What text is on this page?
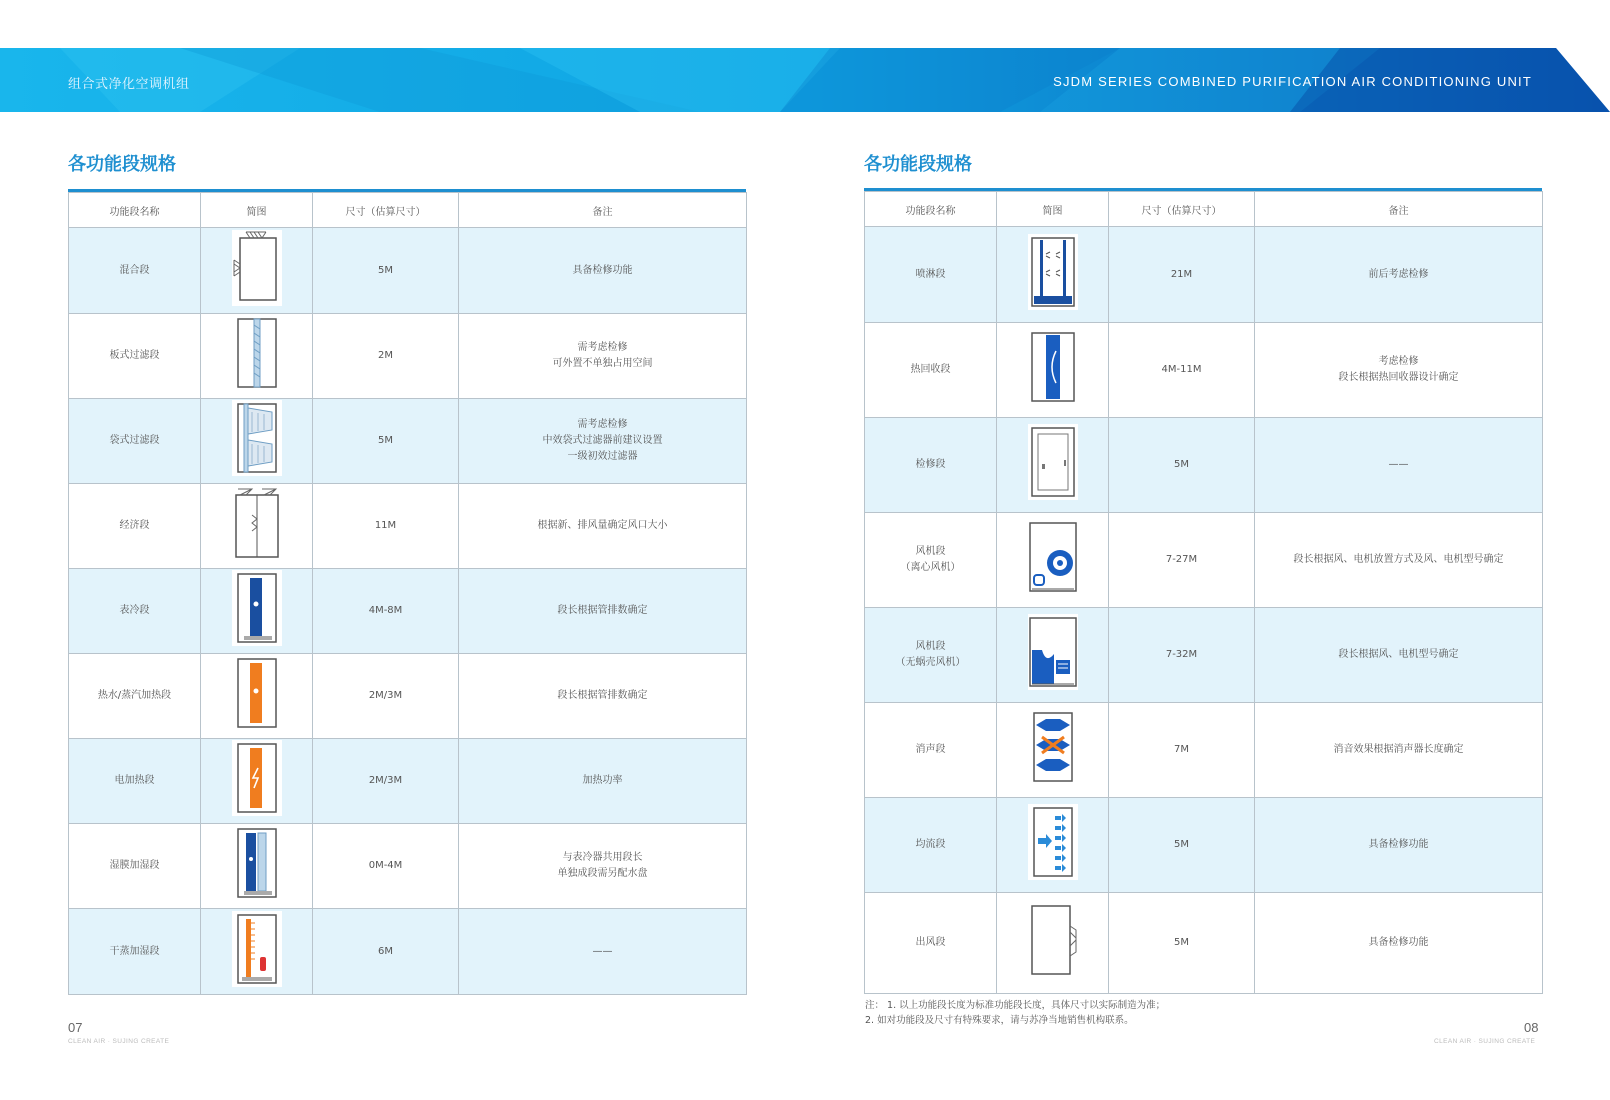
组合式净化空调机组	SJDM SERIES COMBINED PURIFICATION AIR CONDITIONING UNIT
各功能段规格
功能段名称	简图	尺寸（估算尺寸）	备注
混合段		5M	具备检修功能
板式过滤段		2M	需考虑检修
可外置不单独占用空间
袋式过滤段		5M	需考虑检修
中效袋式过滤器前建议设置
一级初效过滤器
经济段		11M	根据新、排风量确定风口大小
表冷段		4M-8M	段长根据管排数确定
热水/蒸汽加热段		2M/3M	段长根据管排数确定
电加热段		2M/3M	加热功率
湿膜加湿段		0M-4M	与表冷器共用段长
单独成段需另配水盘
干蒸加湿段		6M	——
07
CLEAN AIR · SUJING CREATE
各功能段规格
功能段名称	简图	尺寸（估算尺寸）	备注
喷淋段		21M	前后考虑检修
热回收段		4M-11M	考虑检修
段长根据热回收器设计确定
检修段		5M	——
风机段
（离心风机）		7-27M	段长根据风、电机放置方式及风、电机型号确定
风机段
（无蜗壳风机）		7-32M	段长根据风、电机型号确定
消声段		7M	消音效果根据消声器长度确定
均流段		5M	具备检修功能
出风段		5M	具备检修功能
注： 1. 以上功能段长度为标准功能段长度，具体尺寸以实际制造为准；
2. 如对功能段及尺寸有特殊要求，请与苏净当地销售机构联系。	08
CLEAN AIR · SUJING CREATE
